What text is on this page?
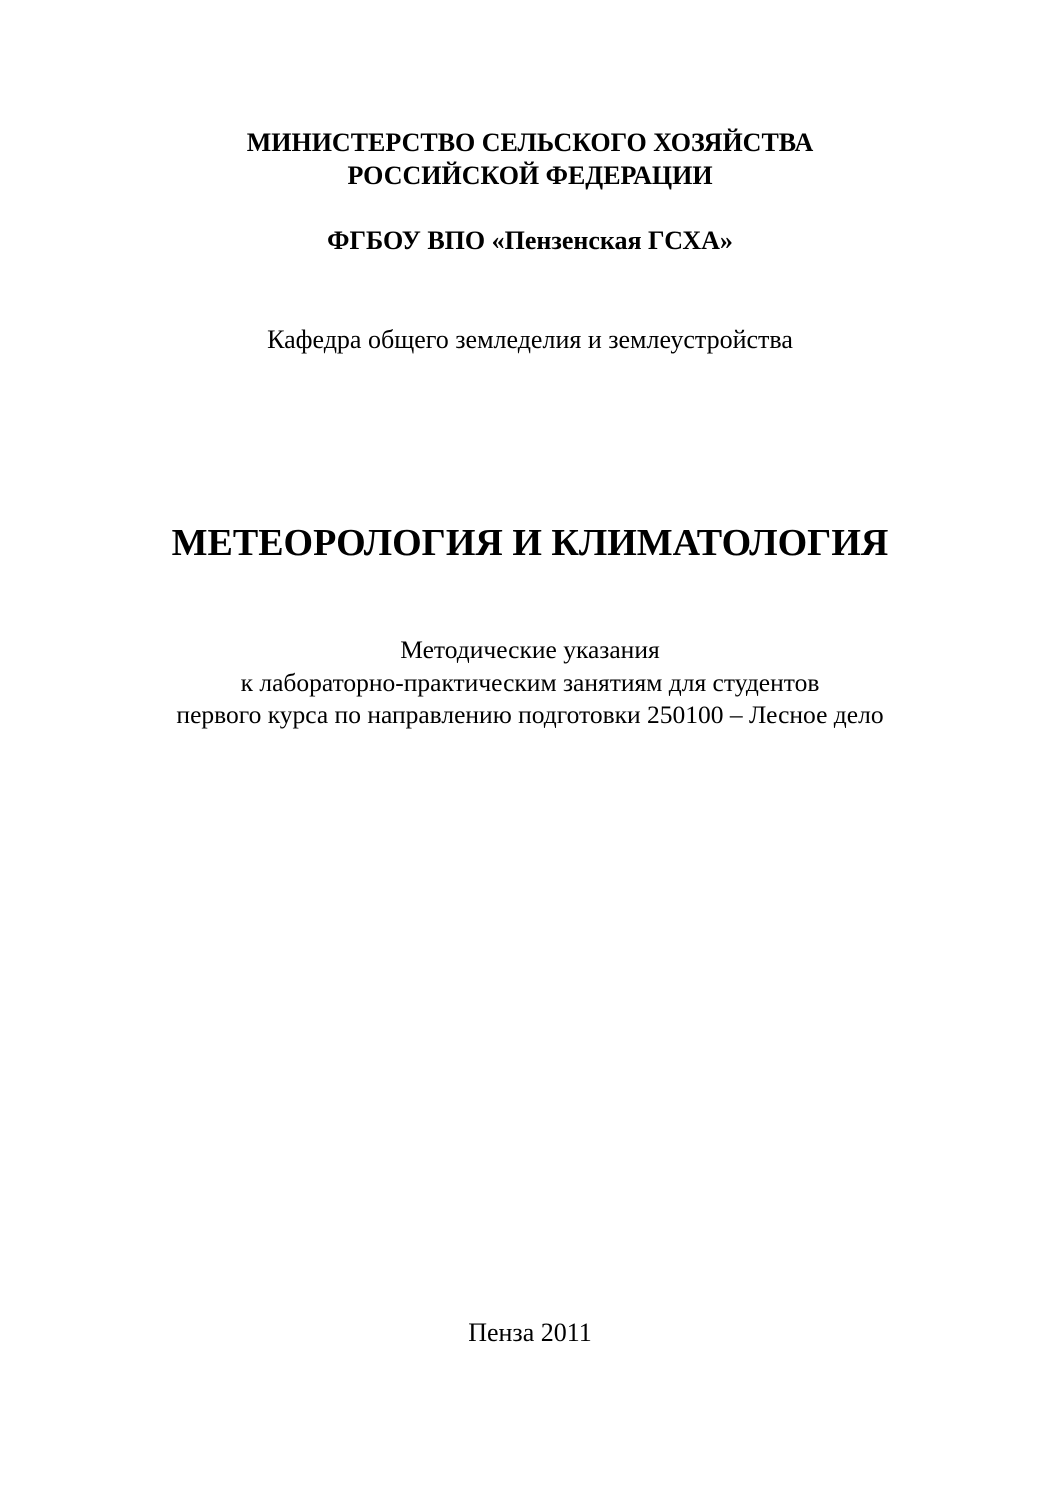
МИНИСТЕРСТВО СЕЛЬСКОГО ХОЗЯЙСТВА
РОССИЙСКОЙ ФЕДЕРАЦИИ
ФГБОУ ВПО «Пензенская ГСХА»
Кафедра общего земледелия и землеустройства
МЕТЕОРОЛОГИЯ И КЛИМАТОЛОГИЯ
Методические указания
к лабораторно-практическим занятиям для студентов
первого курса по направлению подготовки 250100 – Лесное дело
Пенза 2011
